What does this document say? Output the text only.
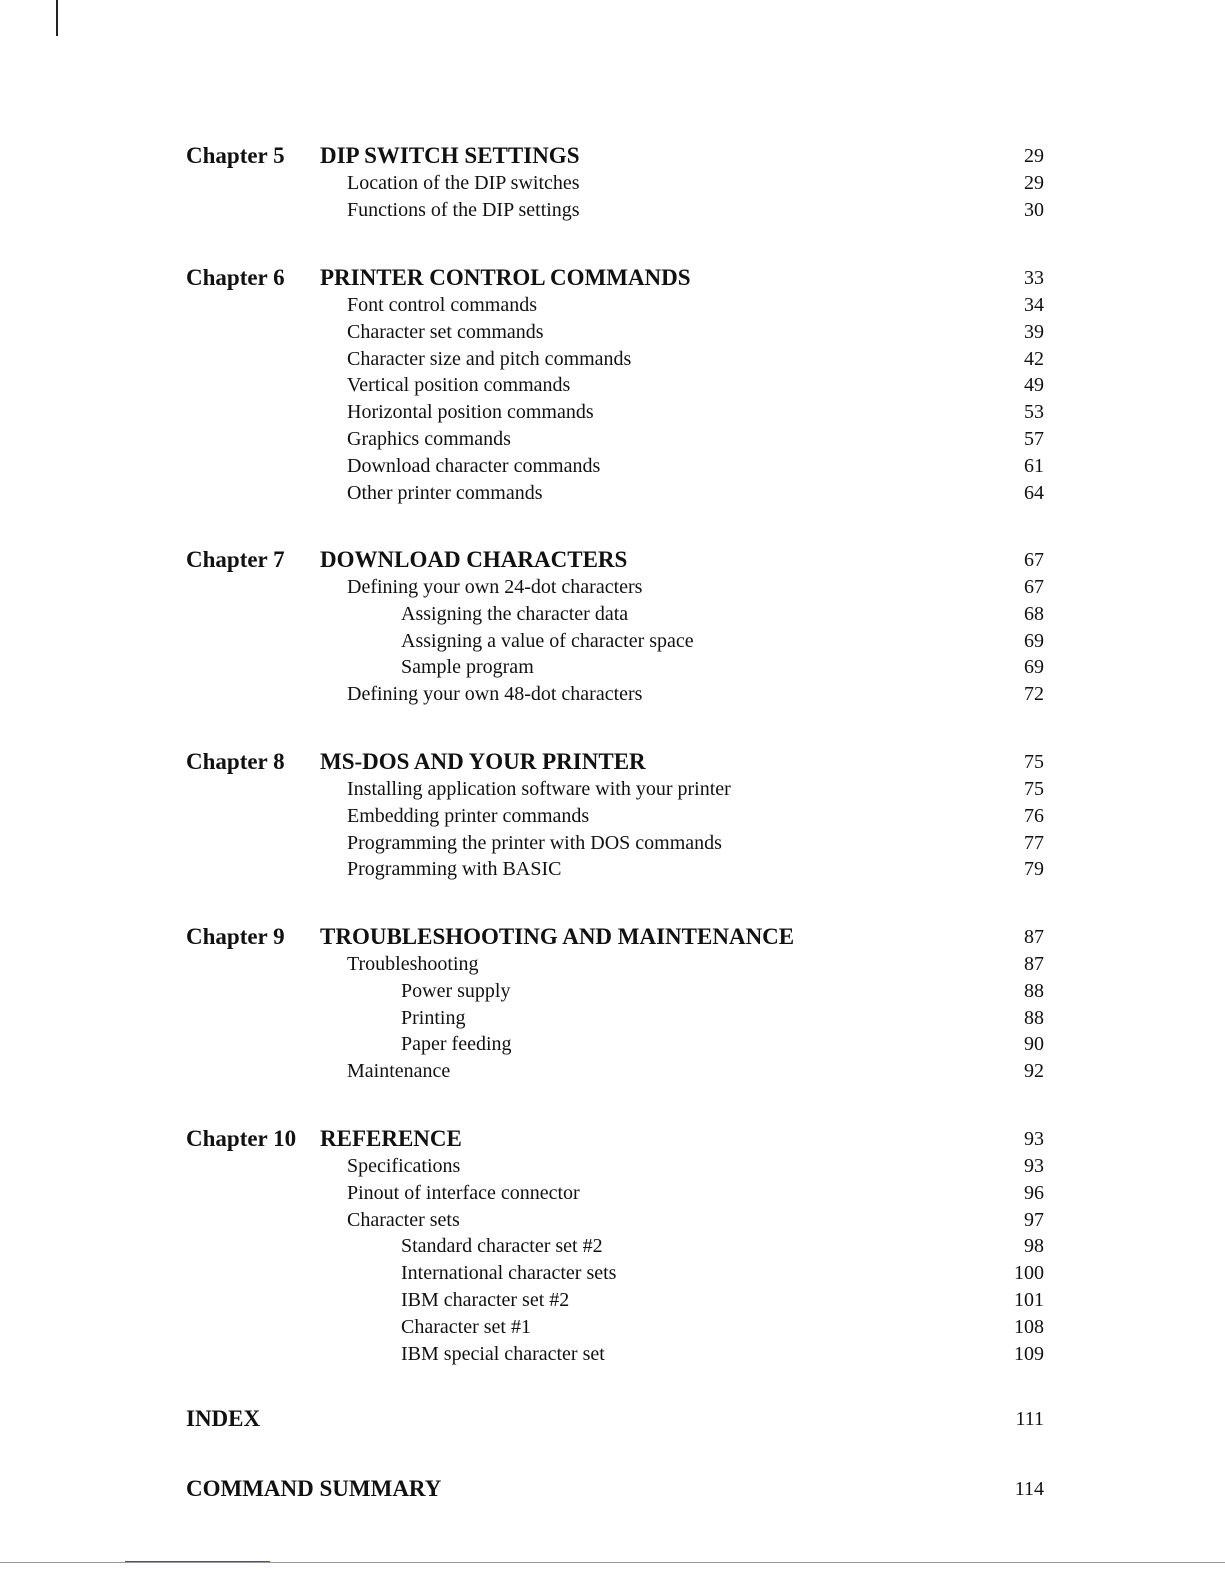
Chapter 5 DIP SWITCH SETTINGS	29
Location of the DIP switches	29
Functions of the DIP settings	30
Chapter 6 PRINTER CONTROL COMMANDS	33
Font control commands	34
Character set commands	39
Character size and pitch commands	42
Vertical position commands	49
Horizontal position commands	53
Graphics commands	57
Download character commands	61
Other printer commands	64
Chapter 7 DOWNLOAD CHARACTERS	67
Defining your own 24-dot characters	67
Assigning the character data	68
Assigning a value of character space	69
Sample program	69
Defining your own 48-dot characters	72
Chapter 8 MS-DOS AND YOUR PRINTER	75
Installing application software with your printer	75
Embedding printer commands	76
Programming the printer with DOS commands	77
Programming with BASIC	79
Chapter 9 TROUBLESHOOTING AND MAINTENANCE	87
Troubleshooting	87
Power supply	88
Printing	88
Paper feeding	90
Maintenance	92
Chapter 10 REFERENCE	93
Specifications	93
Pinout of interface connector	96
Character sets	97
Standard character set #2	98
International character sets	100
IBM character set #2	101
Character set #1	108
IBM special character set	109
INDEX	111
COMMAND SUMMARY	114
